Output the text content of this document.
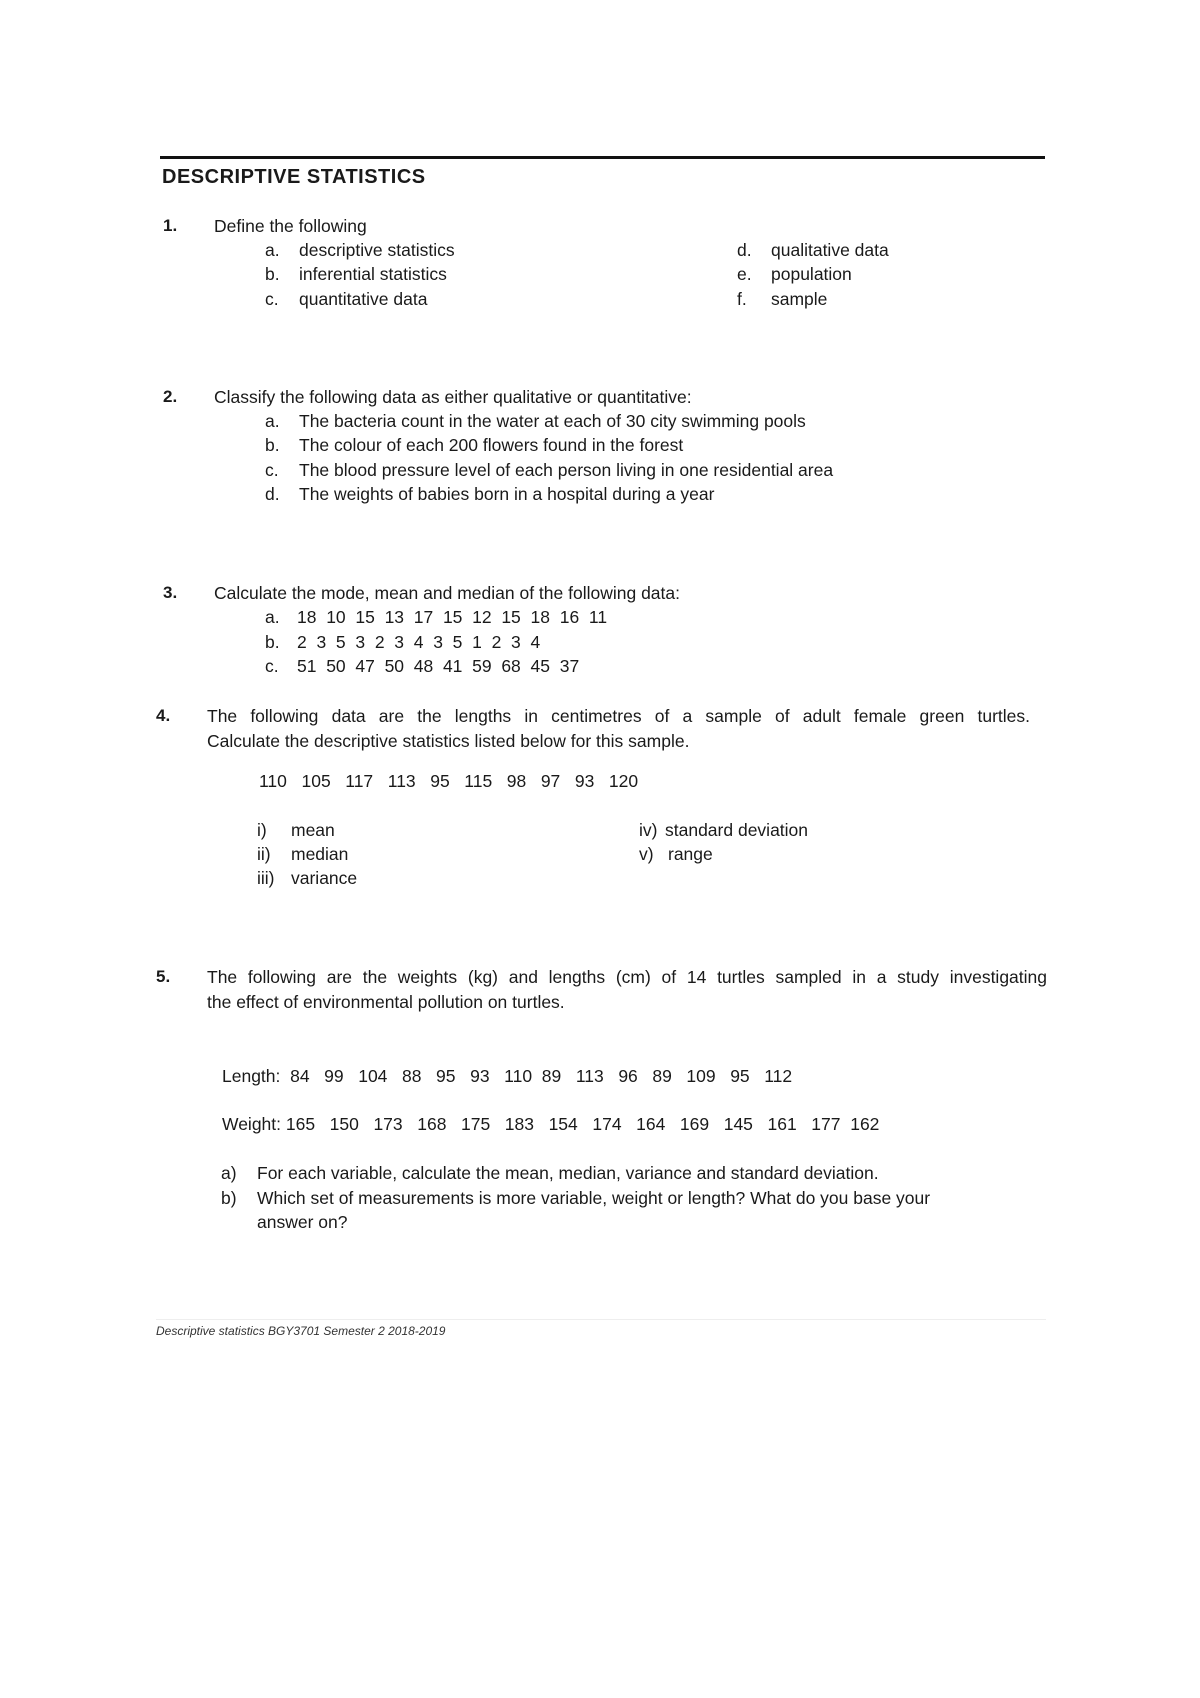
DESCRIPTIVE STATISTICS
1. Define the following
a. descriptive statistics
b. inferential statistics
c. quantitative data
d. qualitative data
e. population
f. sample
2. Classify the following data as either qualitative or quantitative:
a. The bacteria count in the water at each of 30 city swimming pools
b. The colour of each 200 flowers found in the forest
c. The blood pressure level of each person living in one residential area
d. The weights of babies born in a hospital during a year
3. Calculate the mode, mean and median of the following data:
a. 18  10  15  13  17  15  12  15  18  16  11
b. 2  3  5  3  2  3  4  3  5  1  2  3  4
c. 51  50  47  50  48  41  59  68  45  37
4. The following data are the lengths in centimetres of a sample of adult female green turtles.
Calculate the descriptive statistics listed below for this sample.
110   105   117   113   95   115   98   97   93   120
i) mean
ii) median
iii) variance
iv) standard deviation
v) range
5. The following are the weights (kg) and lengths (cm) of 14 turtles sampled in a study investigating
the effect of environmental pollution on turtles.
Length:  84   99   104   88   95   93   110  89   113   96   89   109   95   112
Weight: 165   150   173   168   175   183   154   174   164   169   145   161   177  162
a) For each variable, calculate the mean, median, variance and standard deviation.
b) Which set of measurements is more variable, weight or length? What do you base your
answer on?
Descriptive statistics BGY3701 Semester 2 2018-2019
